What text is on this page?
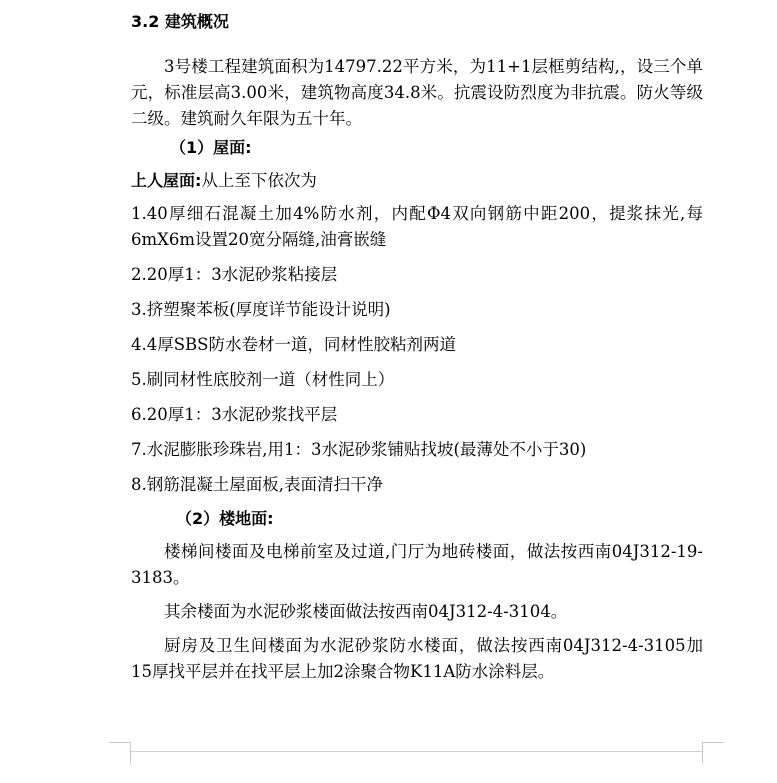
3.2 建筑概况

3号楼工程建筑面积为14797.22平方米，为11+1层框剪结构,，设三个单元，标准层高3.00米，建筑物高度34.8米。抗震设防烈度为非抗震。防火等级二级。建筑耐久年限为五十年。

（1）屋面:

上人屋面:从上至下依次为

1.40厚细石混凝土加4%防水剂，内配Φ4双向钢筋中距200，提浆抹光,每 6mX6m设置20宽分隔缝,油膏嵌缝
2.20厚1：3水泥砂浆粘接层
3.挤塑聚苯板(厚度详节能设计说明)
4.4厚SBS防水卷材一道，同材性胶粘剂两道
5.刷同材性底胶剂一道（材性同上）
6.20厚1：3水泥砂浆找平层
7.水泥膨胀珍珠岩,用1：3水泥砂浆铺贴找坡(最薄处不小于30)
8.钢筋混凝土屋面板,表面清扫干净
（2）楼地面:

楼梯间楼面及电梯前室及过道,门厅为地砖楼面，做法按西南04J312-19-3183。

其余楼面为水泥砂浆楼面做法按西南04J312-4-3104。

厨房及卫生间楼面为水泥砂浆防水楼面，做法按西南04J312-4-3105加15厚找平层并在找平层上加2涂聚合物K11A防水涂料层。
